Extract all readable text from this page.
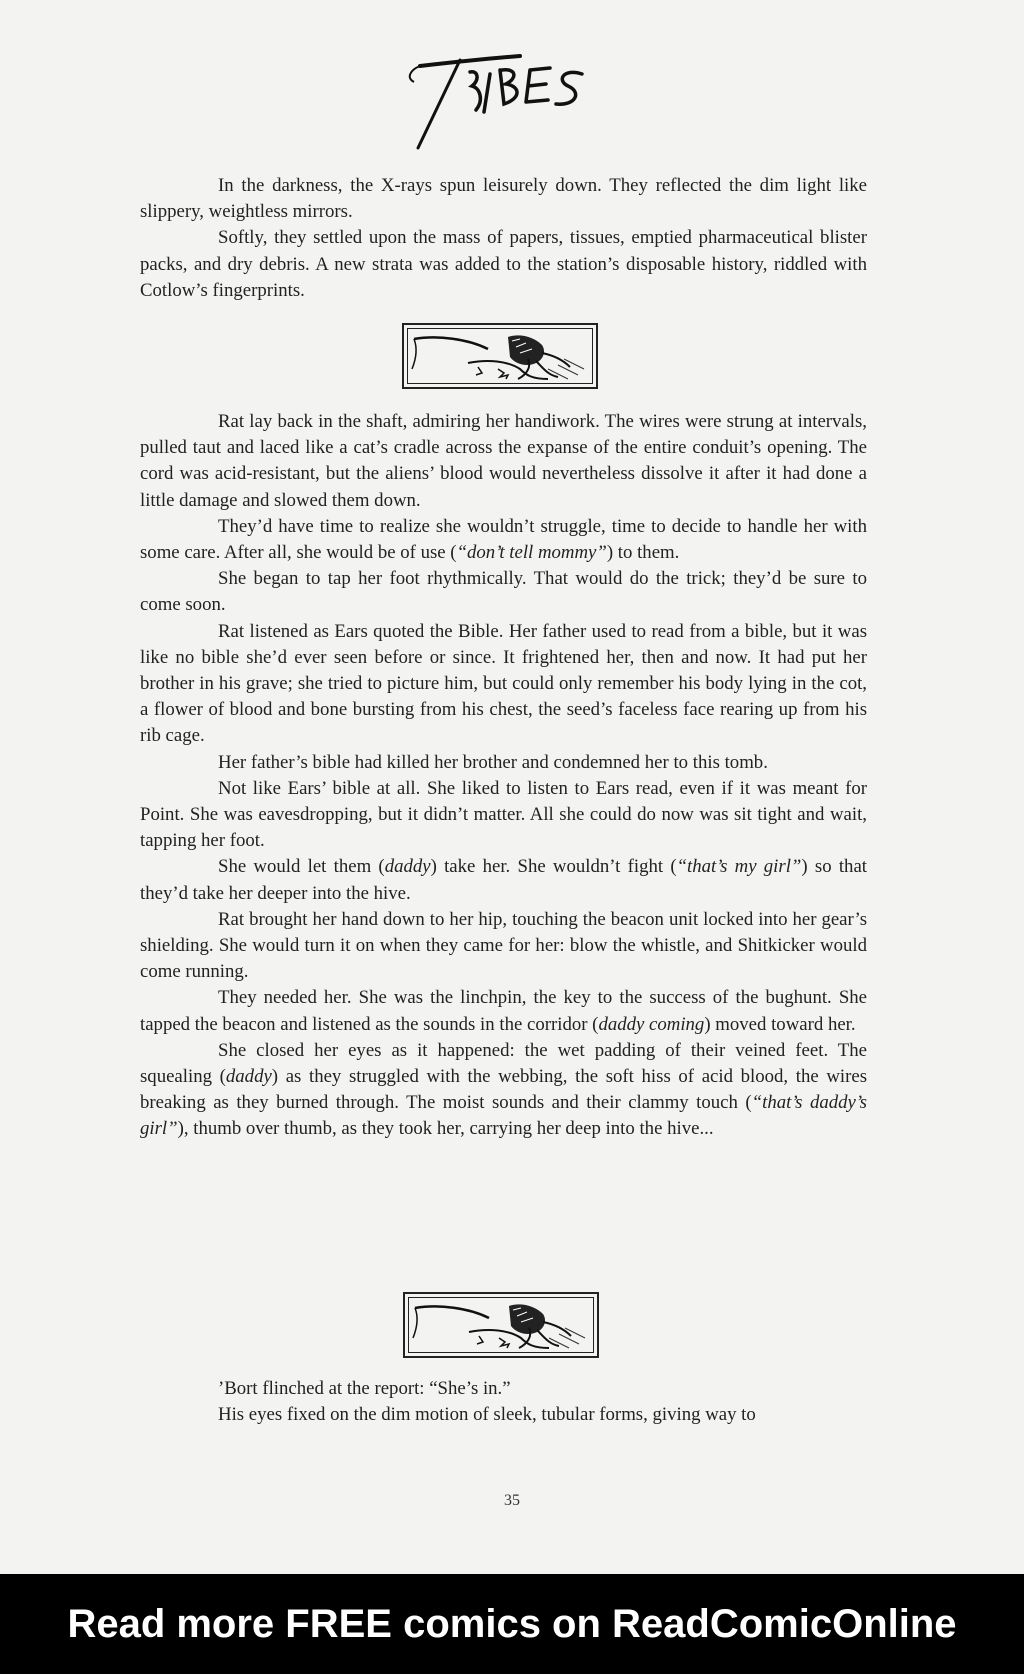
In the darkness, the X-rays spun leisurely down. They reflected the dim light like slippery, weightless mirrors.

Softly, they settled upon the mass of papers, tissues, emptied pharmaceutical blister packs, and dry debris. A new strata was added to the station’s disposable history, riddled with Cotlow’s fingerprints.

Rat lay back in the shaft, admiring her handiwork. The wires were strung at intervals, pulled taut and laced like a cat’s cradle across the expanse of the entire conduit’s opening. The cord was acid-resistant, but the aliens’ blood would nevertheless dissolve it after it had done a little damage and slowed them down.

They’d have time to realize she wouldn’t struggle, time to decide to handle her with some care. After all, she would be of use (“don’t tell mommy”) to them.

She began to tap her foot rhythmically. That would do the trick; they’d be sure to come soon.

Rat listened as Ears quoted the Bible. Her father used to read from a bible, but it was like no bible she’d ever seen before or since. It frightened her, then and now. It had put her brother in his grave; she tried to picture him, but could only remember his body lying in the cot, a flower of blood and bone bursting from his chest, the seed’s faceless face rearing up from his rib cage.

Her father’s bible had killed her brother and condemned her to this tomb.

Not like Ears’ bible at all. She liked to listen to Ears read, even if it was meant for Point. She was eavesdropping, but it didn’t matter. All she could do now was sit tight and wait, tapping her foot.

She would let them (daddy) take her. She wouldn’t fight (“that’s my girl”) so that they’d take her deeper into the hive.

Rat brought her hand down to her hip, touching the beacon unit locked into her gear’s shielding. She would turn it on when they came for her: blow the whistle, and Shitkicker would come running.

They needed her. She was the linchpin, the key to the success of the bughunt. She tapped the beacon and listened as the sounds in the corridor (daddy coming) moved toward her.

She closed her eyes as it happened: the wet padding of their veined feet. The squealing (daddy) as they struggled with the webbing, the soft hiss of acid blood, the wires breaking as they burned through. The moist sounds and their clammy touch (“that’s daddy’s girl”), thumb over thumb, as they took her, carrying her deep into the hive...

’Bort flinched at the report: “She’s in.”

His eyes fixed on the dim motion of sleek, tubular forms, giving way to

35
Read more FREE comics on ReadComicOnline
